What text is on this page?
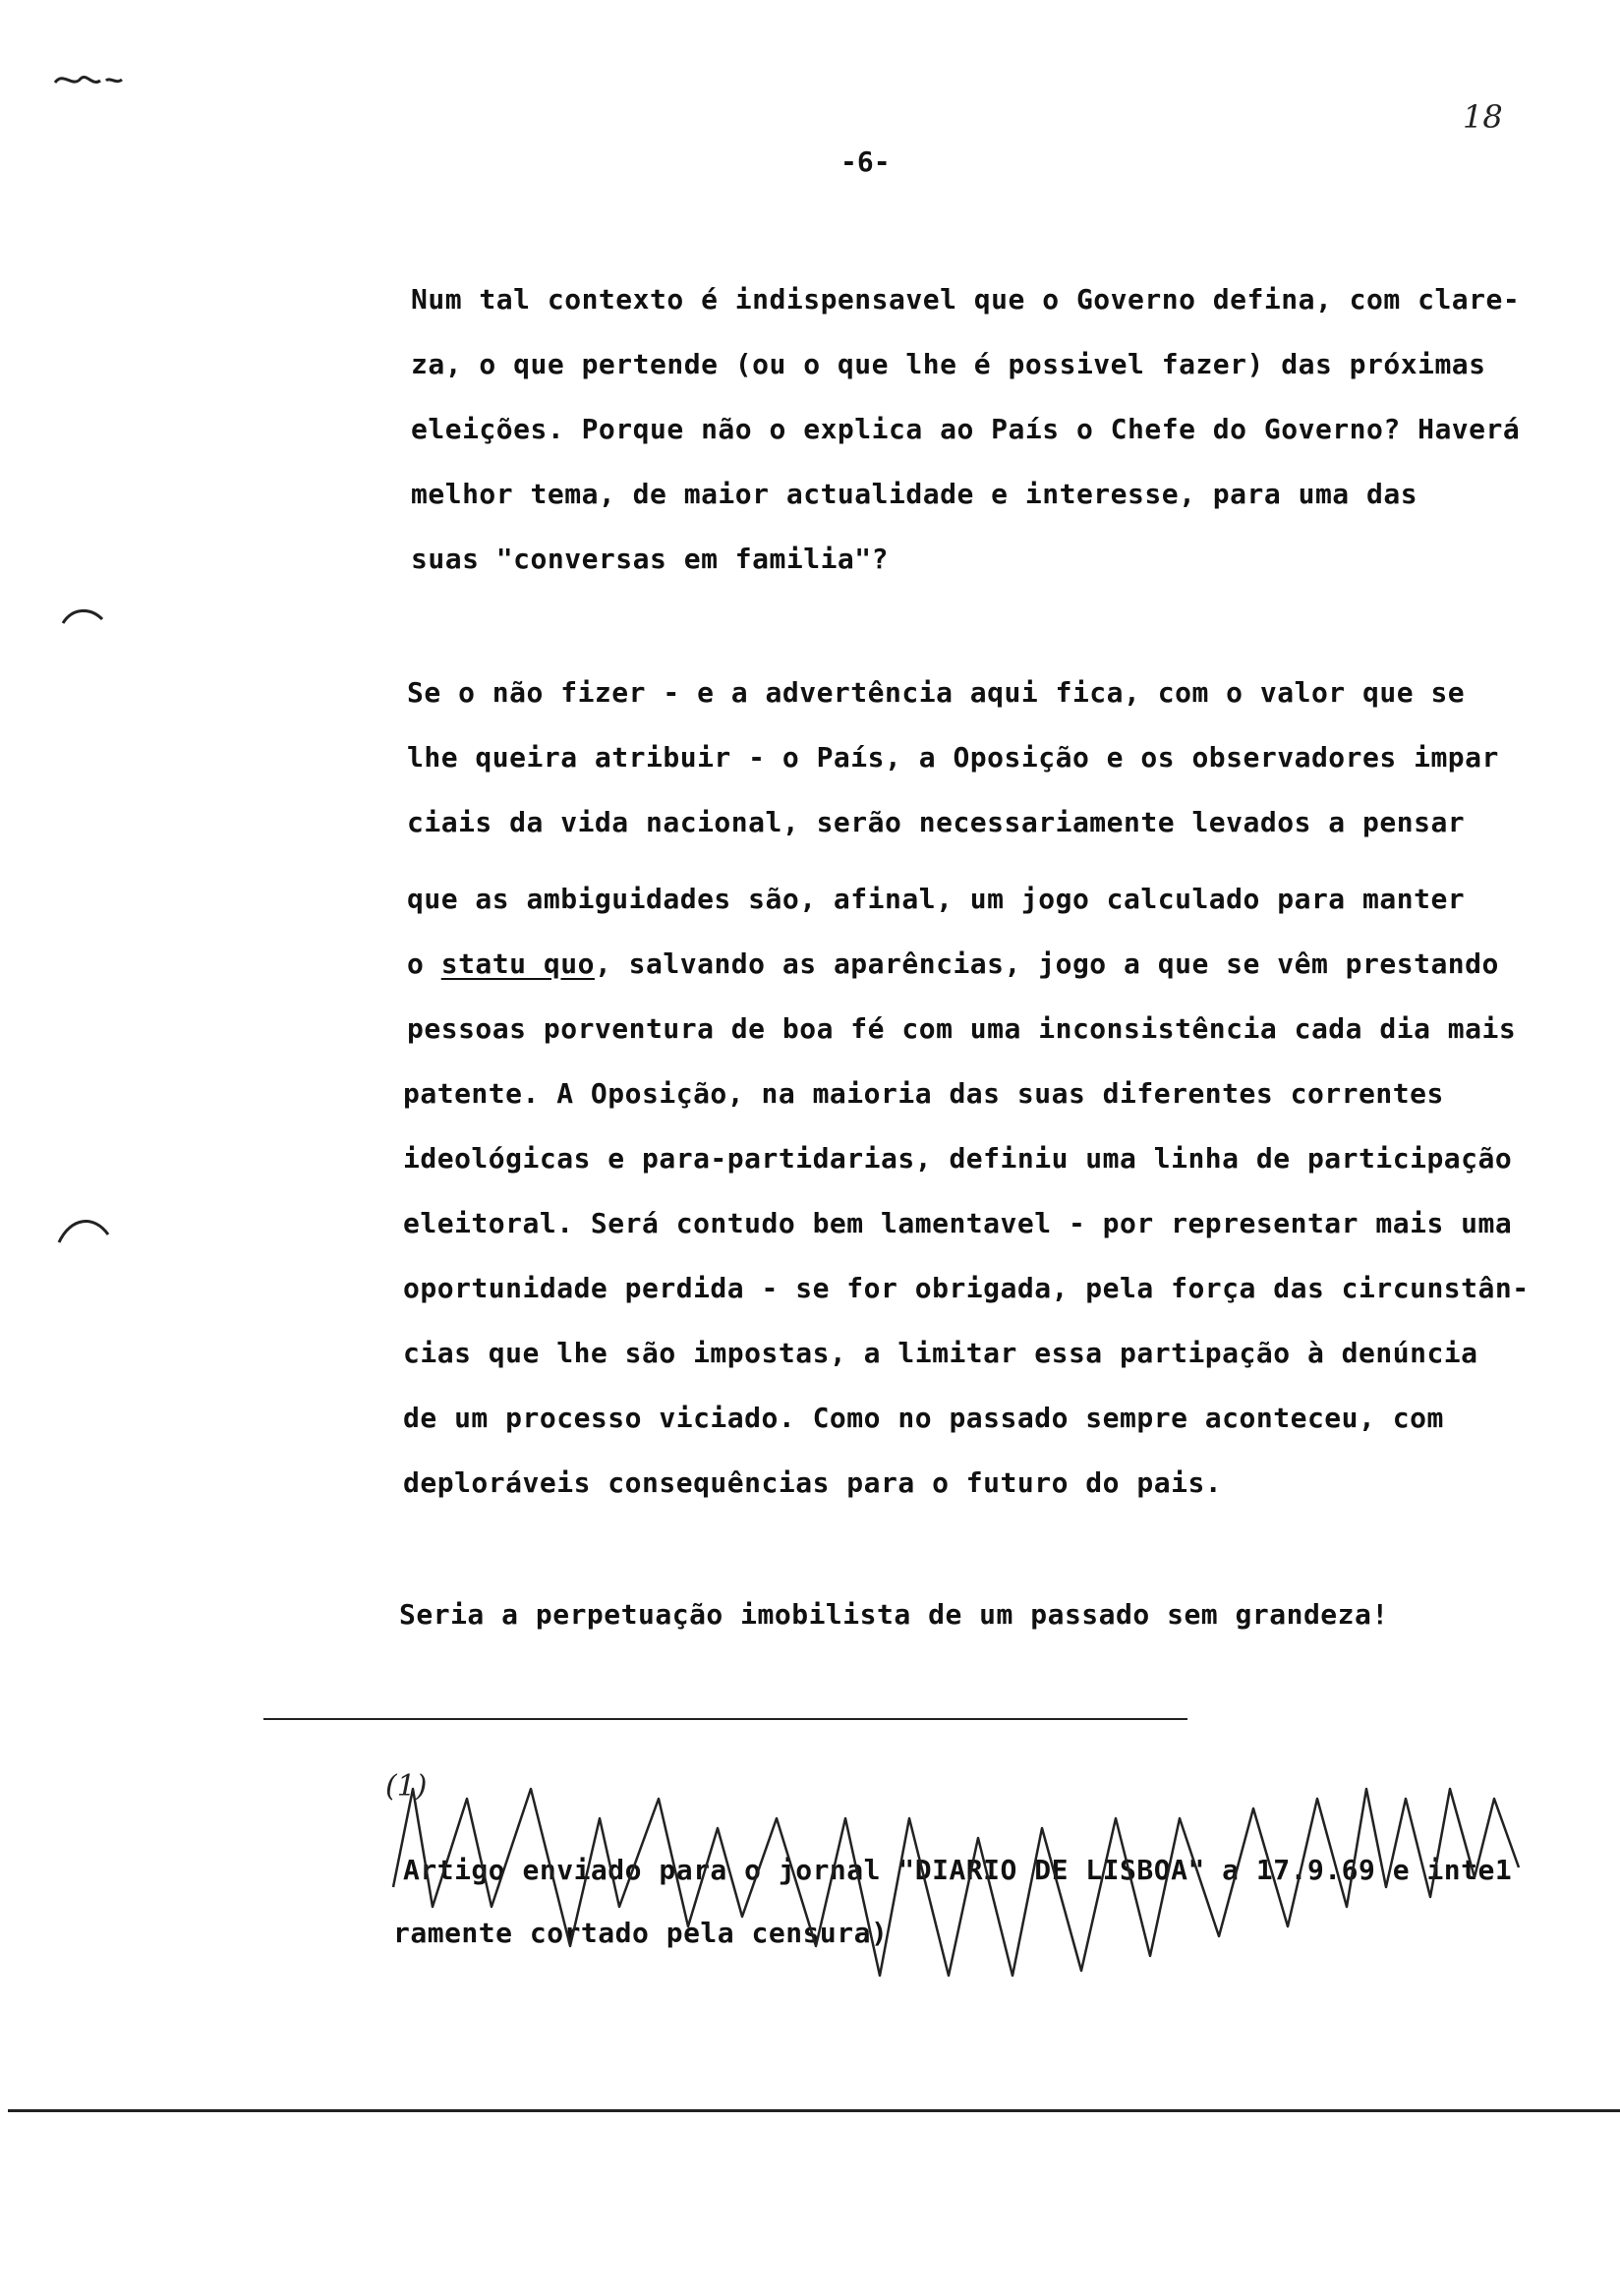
18
-6-
Num tal contexto é indispensavel que o Governo defina, com clare-
za, o que pertende (ou o que lhe é possivel fazer) das próximas
eleições. Porque não o explica ao País o Chefe do Governo? Haverá
melhor tema, de maior actualidade e interesse, para uma das
suas "conversas em familia"?
Se o não fizer - e a advertência aqui fica, com o valor que se
lhe queira atribuir - o País, a Oposição e os observadores impar
ciais da vida nacional, serão necessariamente levados a pensar
que as ambiguidades são, afinal, um jogo calculado para manter
o statu quo, salvando as aparências, jogo a que se vêm prestando
pessoas porventura de boa fé com uma inconsistência cada dia mais
patente. A Oposição, na maioria das suas diferentes correntes
ideológicas e para-partidarias, definiu uma linha de participação
eleitoral. Será contudo bem lamentavel - por representar mais uma
oportunidade perdida - se for obrigada, pela força das circunstân-
cias que lhe são impostas, a limitar essa partipação à denúncia
de um processo viciado. Como no passado sempre aconteceu, com
deploráveis consequências para o futuro do pais.
Seria a perpetuação imobilista de um passado sem grandeza!
(1)
Artigo enviado para o jornal "DIARIO DE LISBOA" a 17.9.69 e inte1
ramente cortado pela censura)
